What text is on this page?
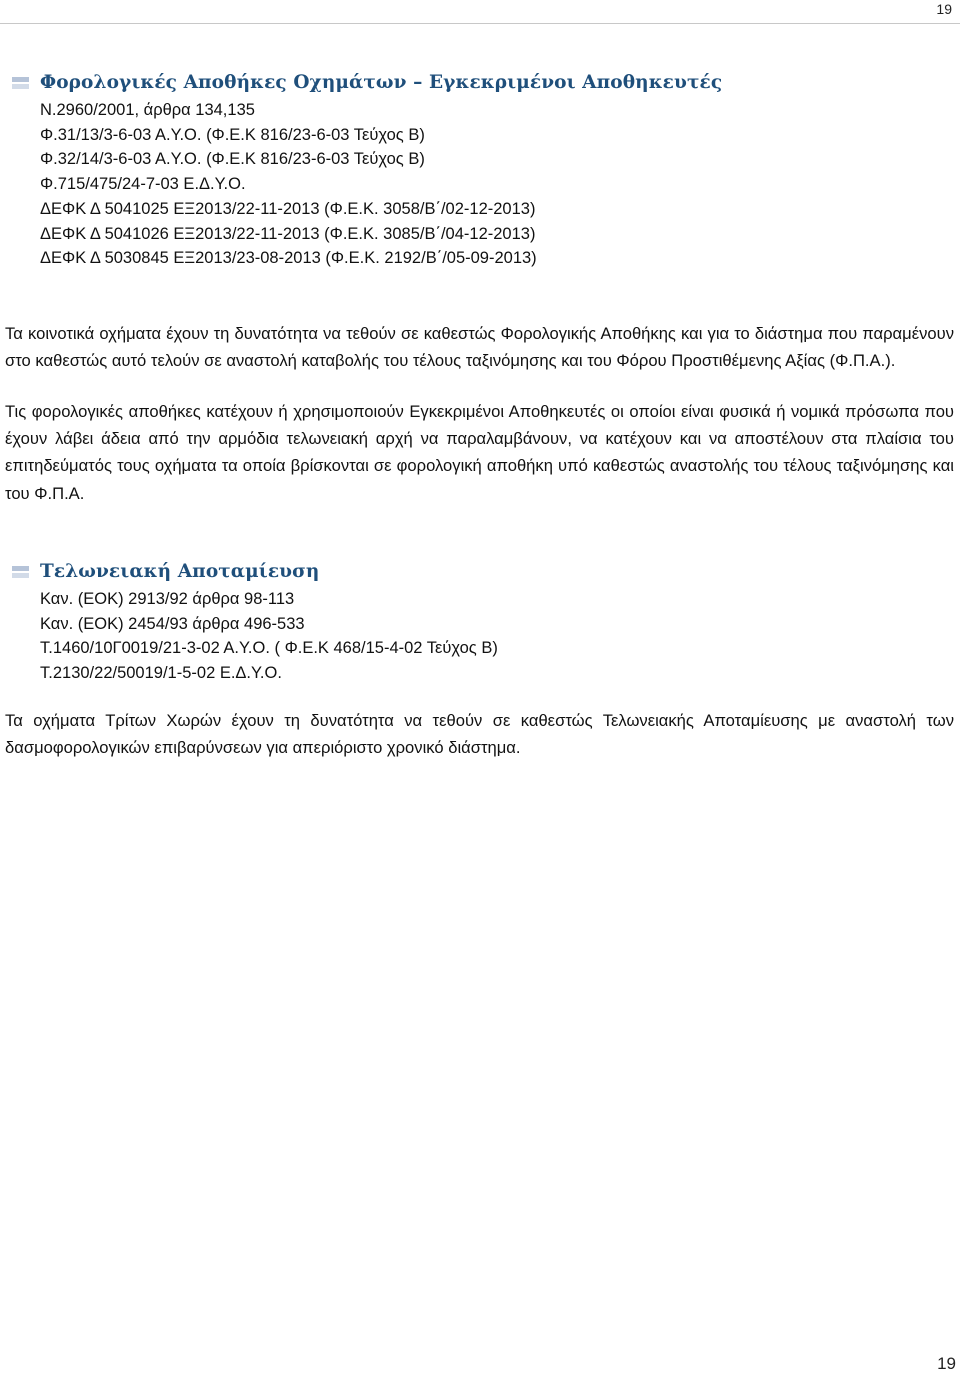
19
Φορολογικές Αποθήκες Οχημάτων – Εγκεκριμένοι Αποθηκευτές
Ν.2960/2001, άρθρα 134,135
Φ.31/13/3-6-03 Α.Υ.Ο. (Φ.Ε.Κ 816/23-6-03 Τεύχος Β)
Φ.32/14/3-6-03 Α.Υ.Ο. (Φ.Ε.Κ 816/23-6-03 Τεύχος Β)
Φ.715/475/24-7-03 Ε.Δ.Υ.Ο.
ΔΕΦΚ Δ 5041025 ΕΞ2013/22-11-2013 (Φ.Ε.Κ. 3058/Β΄/02-12-2013)
ΔΕΦΚ Δ 5041026 ΕΞ2013/22-11-2013 (Φ.Ε.Κ. 3085/Β΄/04-12-2013)
ΔΕΦΚ Δ 5030845 ΕΞ2013/23-08-2013 (Φ.Ε.Κ. 2192/Β΄/05-09-2013)

Τα κοινοτικά οχήματα έχουν τη δυνατότητα να τεθούν σε καθεστώς Φορολογικής Αποθήκης και για το διάστημα που παραμένουν στο καθεστώς αυτό τελούν σε αναστολή καταβολής του τέλους ταξινόμησης και του Φόρου Προστιθέμενης Αξίας (Φ.Π.Α.).

Τις φορολογικές αποθήκες κατέχουν ή χρησιμοποιούν Εγκεκριμένοι Αποθηκευτές οι οποίοι είναι φυσικά ή νομικά πρόσωπα που έχουν λάβει άδεια από την αρμόδια τελωνειακή αρχή να παραλαμβάνουν, να κατέχουν και να αποστέλουν στα πλαίσια του επιτηδεύματός τους οχήματα τα οποία βρίσκονται σε φορολογική αποθήκη υπό καθεστώς αναστολής του τέλους ταξινόμησης και του Φ.Π.Α.

Τελωνειακή Αποταμίευση
Καν. (ΕΟΚ) 2913/92 άρθρα 98-113
Καν. (ΕΟΚ) 2454/93 άρθρα 496-533
Τ.1460/10Γ0019/21-3-02 Α.Υ.Ο. ( Φ.Ε.Κ 468/15-4-02 Τεύχος Β)
Τ.2130/22/50019/1-5-02 Ε.Δ.Υ.Ο.

Τα οχήματα Τρίτων Χωρών έχουν τη δυνατότητα να τεθούν σε καθεστώς Τελωνειακής Αποταμίευσης με αναστολή των δασμοφορολογικών επιβαρύνσεων για απεριόριστο χρονικό διάστημα.

19
